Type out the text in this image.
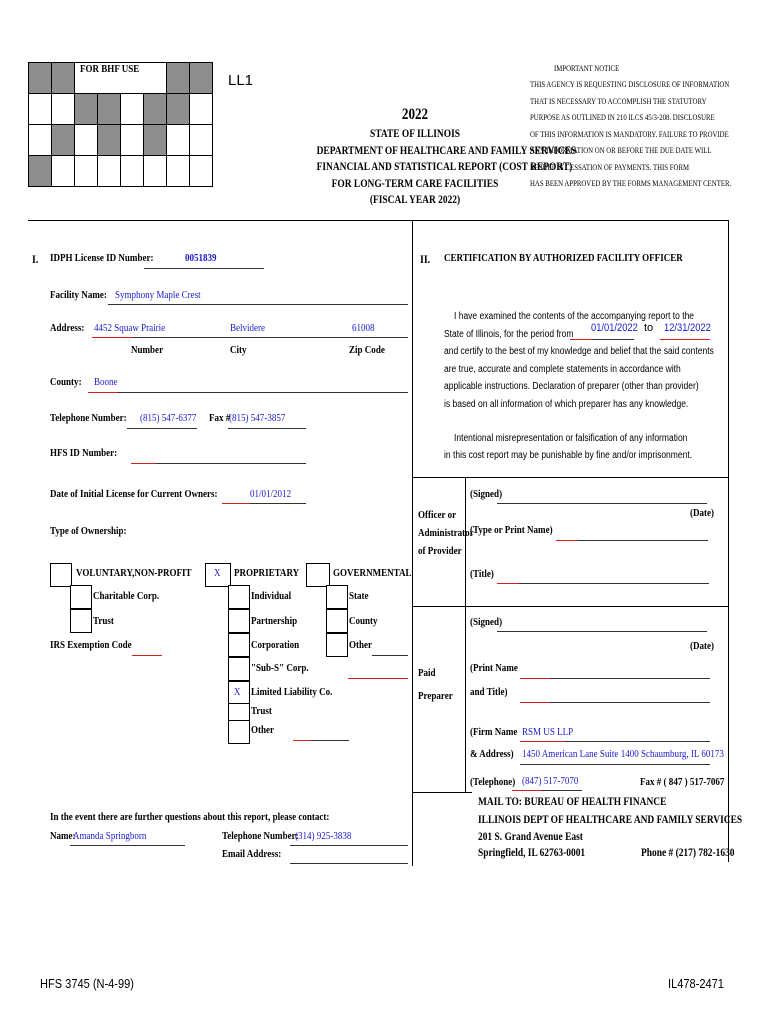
FOR BHF USE
LL1
IMPORTANT NOTICE
THIS AGENCY IS REQUESTING DISCLOSURE OF INFORMATION
THAT IS NECESSARY TO ACCOMPLISH THE STATUTORY
PURPOSE AS OUTLINED IN 210 ILCS 45/3-208. DISCLOSURE
OF THIS INFORMATION IS MANDATORY. FAILURE TO PROVIDE
ANY INFORMATION ON OR BEFORE THE DUE DATE WILL
RESULT IN CESSATION OF PAYMENTS. THIS FORM
HAS BEEN APPROVED BY THE FORMS MANAGEMENT CENTER.
2022
STATE OF ILLINOIS
DEPARTMENT OF HEALTHCARE AND FAMILY SERVICES
FINANCIAL AND STATISTICAL REPORT (COST REPORT)
FOR LONG-TERM CARE FACILITIES
(FISCAL YEAR 2022)
I. IDPH License ID Number:	0051839
Facility Name: Symphony Maple Crest
Address: 4452 Squaw Prairie	Belvidere	61008
Number	City	Zip Code
County: Boone
Telephone Number: (815) 547-6377 Fax #
(815) 547-3857
HFS ID Number:
Date of Initial License for Current Owners:	01/01/2012
Type of Ownership:
VOLUNTARY,NON-PROFIT
Charitable Corp.
Trust
IRS Exemption Code
X PROPRIETARY
Individual
Partnership
Corporation
"Sub-S" Corp.
X Limited Liability Co.
Trust
Other
GOVERNMENTAL
State
County
Other
In the event there are further questions about this report, please contact:
Name:
Amanda Springborn	Telephone Number:
(314) 925-3838
Email Address:
II. CERTIFICATION BY AUTHORIZED FACILITY OFFICER
I have examined the contents of the accompanying report to the
State of Illinois, for the period from
and certify to the best of my knowledge and belief that the said contents
are true, accurate and complete statements in accordance with
applicable instructions. Declaration of preparer (other than provider)
is based on all information of which preparer has any knowledge.
01/01/2022 to 12/31/2022
Intentional misrepresentation or falsification of any information
in this cost report may be punishable by fine and/or imprisonment.
Officer or
Administrator
of Provider
(Signed)
(Date)
(Type or Print Name)
(Title)
(Signed)
(Date)
Paid
Preparer
(Print Name
and Title)
(Firm Name RSM US LLP
& Address) 1450 American Lane Suite 1400 Schaumburg, IL 60173
(Telephone) (847) 517-7070	Fax # ( 847 ) 517-7067
MAIL TO: BUREAU OF HEALTH FINANCE
ILLINOIS DEPT OF HEALTHCARE AND FAMILY SERVICES
201 S. Grand Avenue East
Springfield, IL 62763-0001	Phone # (217) 782-1630
HFS 3745 (N-4-99)	IL478-2471
